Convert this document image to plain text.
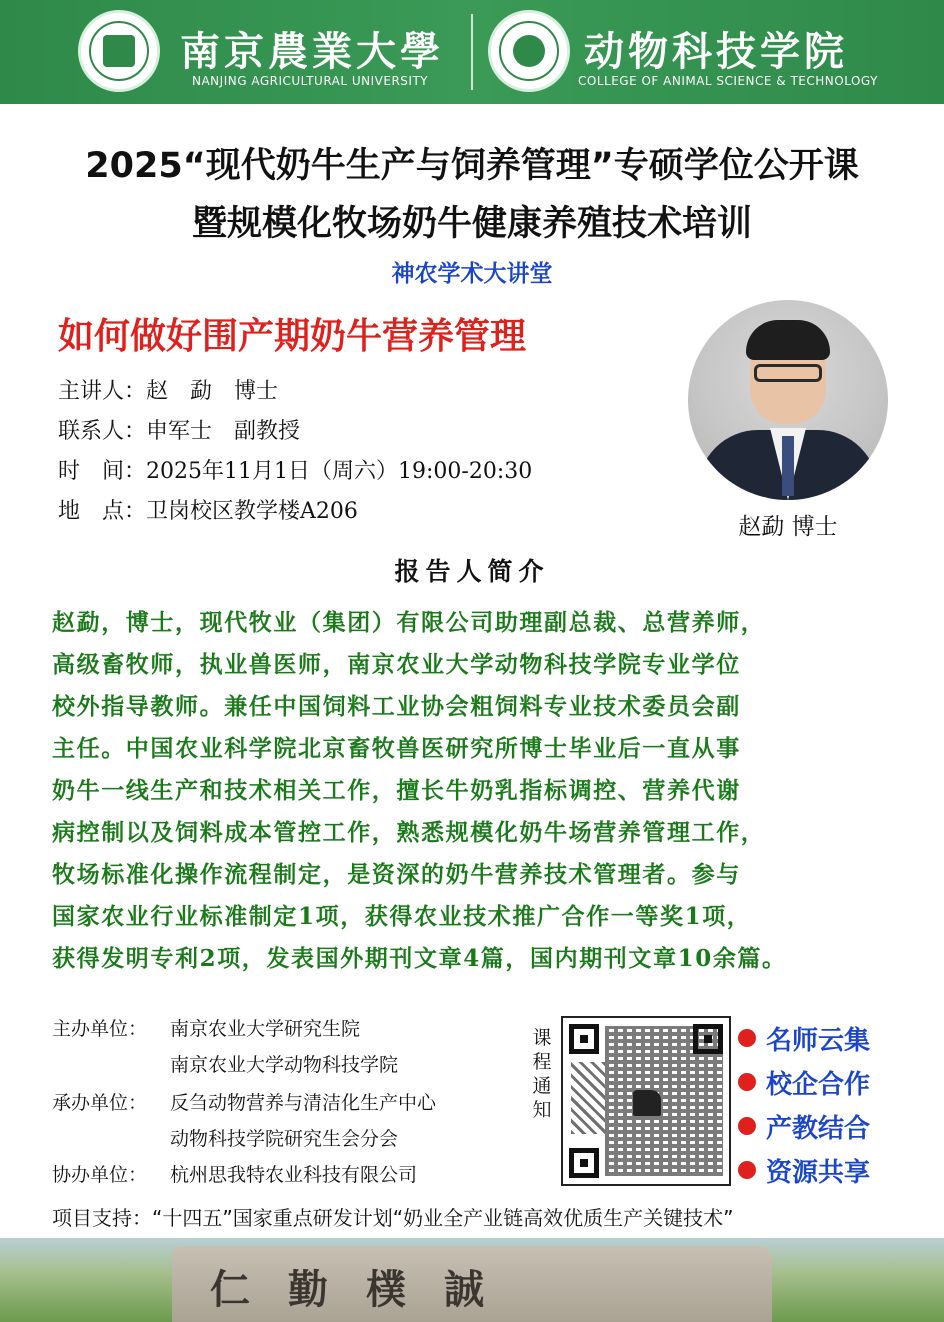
南京農業大學
NANJING AGRICULTURAL UNIVERSITY
动物科技学院
COLLEGE OF ANIMAL SCIENCE & TECHNOLOGY
2025“现代奶牛生产与饲养管理”专硕学位公开课
暨规模化牧场奶牛健康养殖技术培训
神农学术大讲堂
如何做好围产期奶牛营养管理
主讲人：赵　勐　博士
联系人：申军士　副教授
时　间：2025年11月1日（周六）19:00-20:30
地　点：卫岗校区教学楼A206
赵勐 博士
报告人简介
赵勐，博士，现代牧业（集团）有限公司助理副总裁、总营养师，
高级畜牧师，执业兽医师，南京农业大学动物科技学院专业学位
校外指导教师。兼任中国饲料工业协会粗饲料专业技术委员会副
主任。中国农业科学院北京畜牧兽医研究所博士毕业后一直从事
奶牛一线生产和技术相关工作，擅长牛奶乳指标调控、营养代谢
病控制以及饲料成本管控工作，熟悉规模化奶牛场营养管理工作，
牧场标准化操作流程制定，是资深的奶牛营养技术管理者。参与
国家农业行业标准制定1项，获得农业技术推广合作一等奖1项，
获得发明专利2项，发表国外期刊文章4篇，国内期刊文章10余篇。
主办单位： 南京农业大学研究生院
南京农业大学动物科技学院
承办单位： 反刍动物营养与清洁化生产中心
动物科技学院研究生会分会
协办单位： 杭州思我特农业科技有限公司
课程通知
名师云集
校企合作
产教结合
资源共享
项目支持：“十四五”国家重点研发计划“奶业全产业链高效优质生产关键技术”
仁勤樸誠
